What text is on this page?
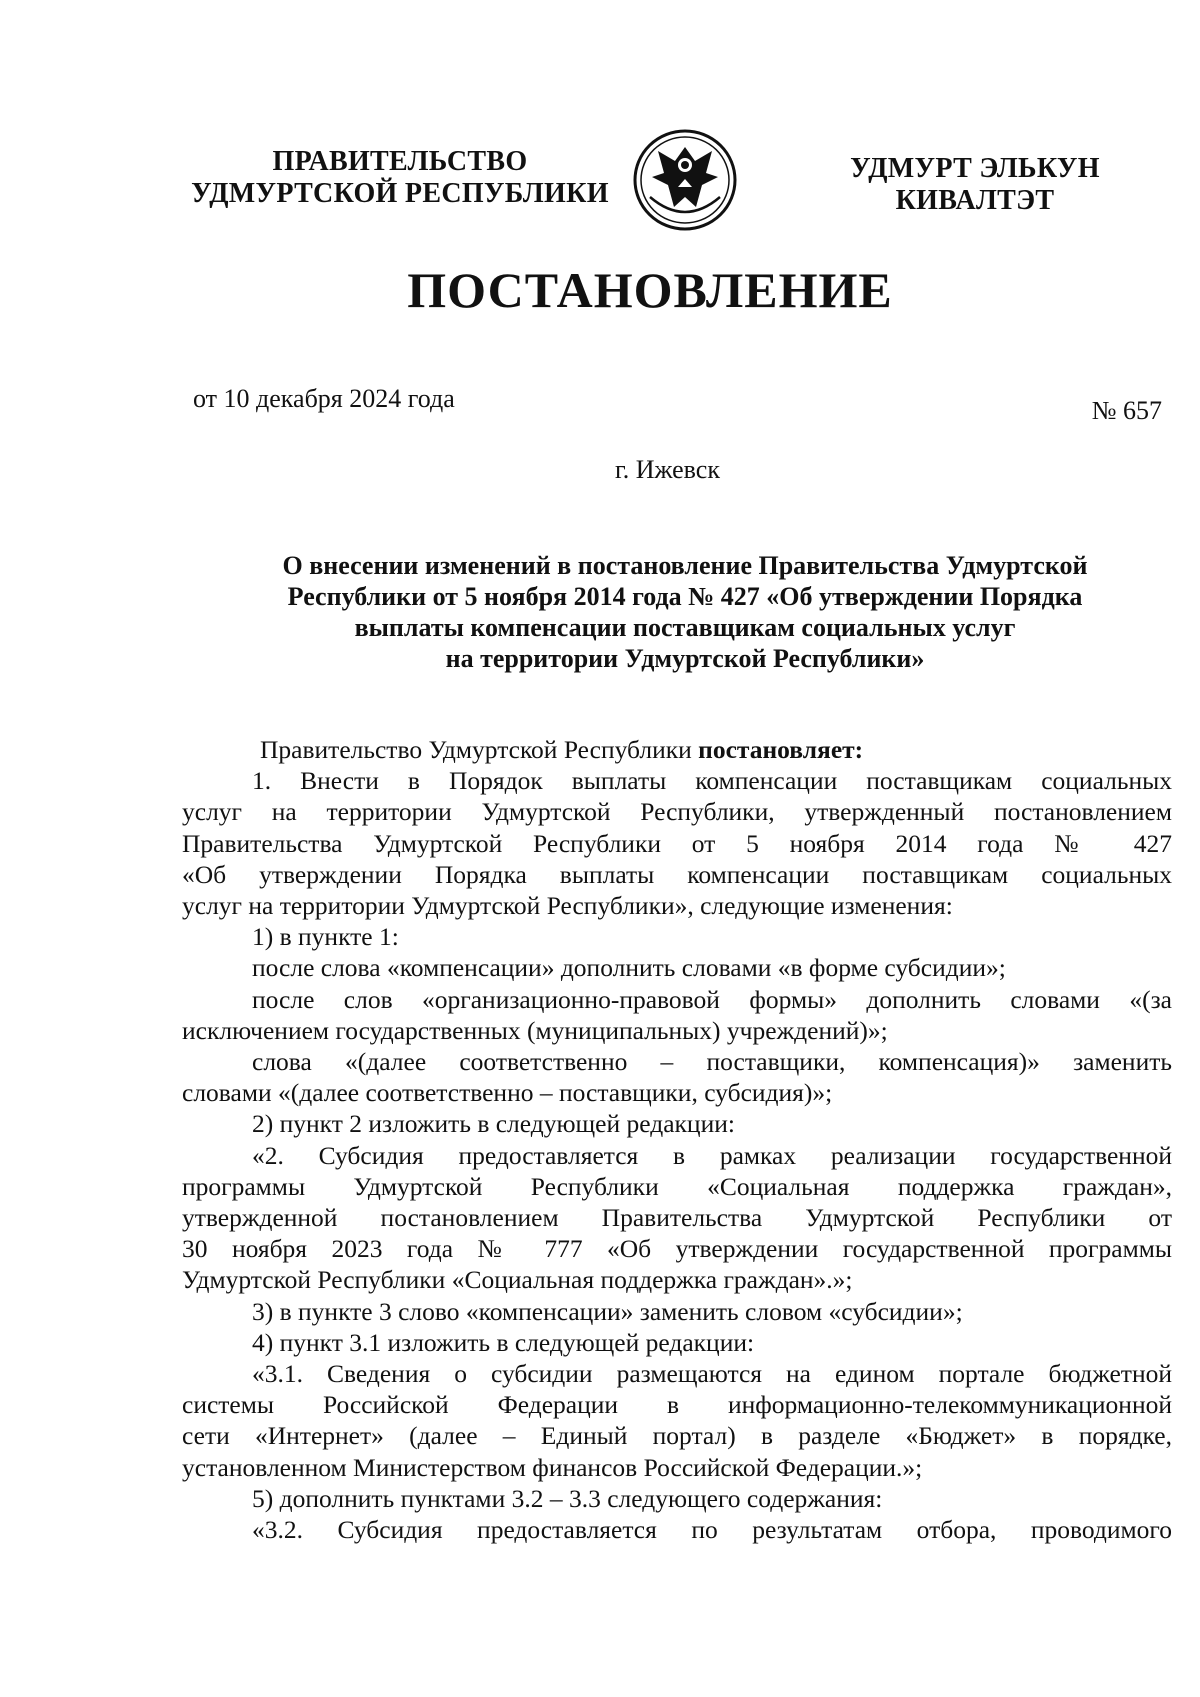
ПРАВИТЕЛЬСТВО
УДМУРТСКОЙ РЕСПУБЛИКИ
УДМУРТ ЭЛЬКУН
КИВАЛТЭТ
ПОСТАНОВЛЕНИЕ
от 10 декабря 2024 года	№ 657
г. Ижевск
О внесении изменений в постановление Правительства Удмуртской
Республики от 5 ноября 2014 года № 427 «Об утверждении Порядка
выплаты компенсации поставщикам социальных услуг
на территории Удмуртской Республики»
Правительство Удмуртской Республики постановляет:
1. Внести в Порядок выплаты компенсации поставщикам социальных
услуг на территории Удмуртской Республики, утвержденный постановлением
Правительства Удмуртской Республики от 5 ноября 2014 года № 427
«Об утверждении Порядка выплаты компенсации поставщикам социальных
услуг на территории Удмуртской Республики», следующие изменения:
1) в пункте 1:
после слова «компенсации» дополнить словами «в форме субсидии»;
после слов «организационно-правовой формы» дополнить словами «(за
исключением государственных (муниципальных) учреждений)»;
слова «(далее соответственно – поставщики, компенсация)» заменить
словами «(далее соответственно – поставщики, субсидия)»;
2) пункт 2 изложить в следующей редакции:
«2. Субсидия предоставляется в рамках реализации государственной
программы Удмуртской Республики «Социальная поддержка граждан»,
утвержденной постановлением Правительства Удмуртской Республики от
30 ноября 2023 года № 777 «Об утверждении государственной программы
Удмуртской Республики «Социальная поддержка граждан».»;
3) в пункте 3 слово «компенсации» заменить словом «субсидии»;
4) пункт 3.1 изложить в следующей редакции:
«3.1. Сведения о субсидии размещаются на едином портале бюджетной
системы Российской Федерации в информационно-телекоммуникационной
сети «Интернет» (далее – Единый портал) в разделе «Бюджет» в порядке,
установленном Министерством финансов Российской Федерации.»;
5) дополнить пунктами 3.2 – 3.3 следующего содержания:
«3.2. Субсидия предоставляется по результатам отбора, проводимого
